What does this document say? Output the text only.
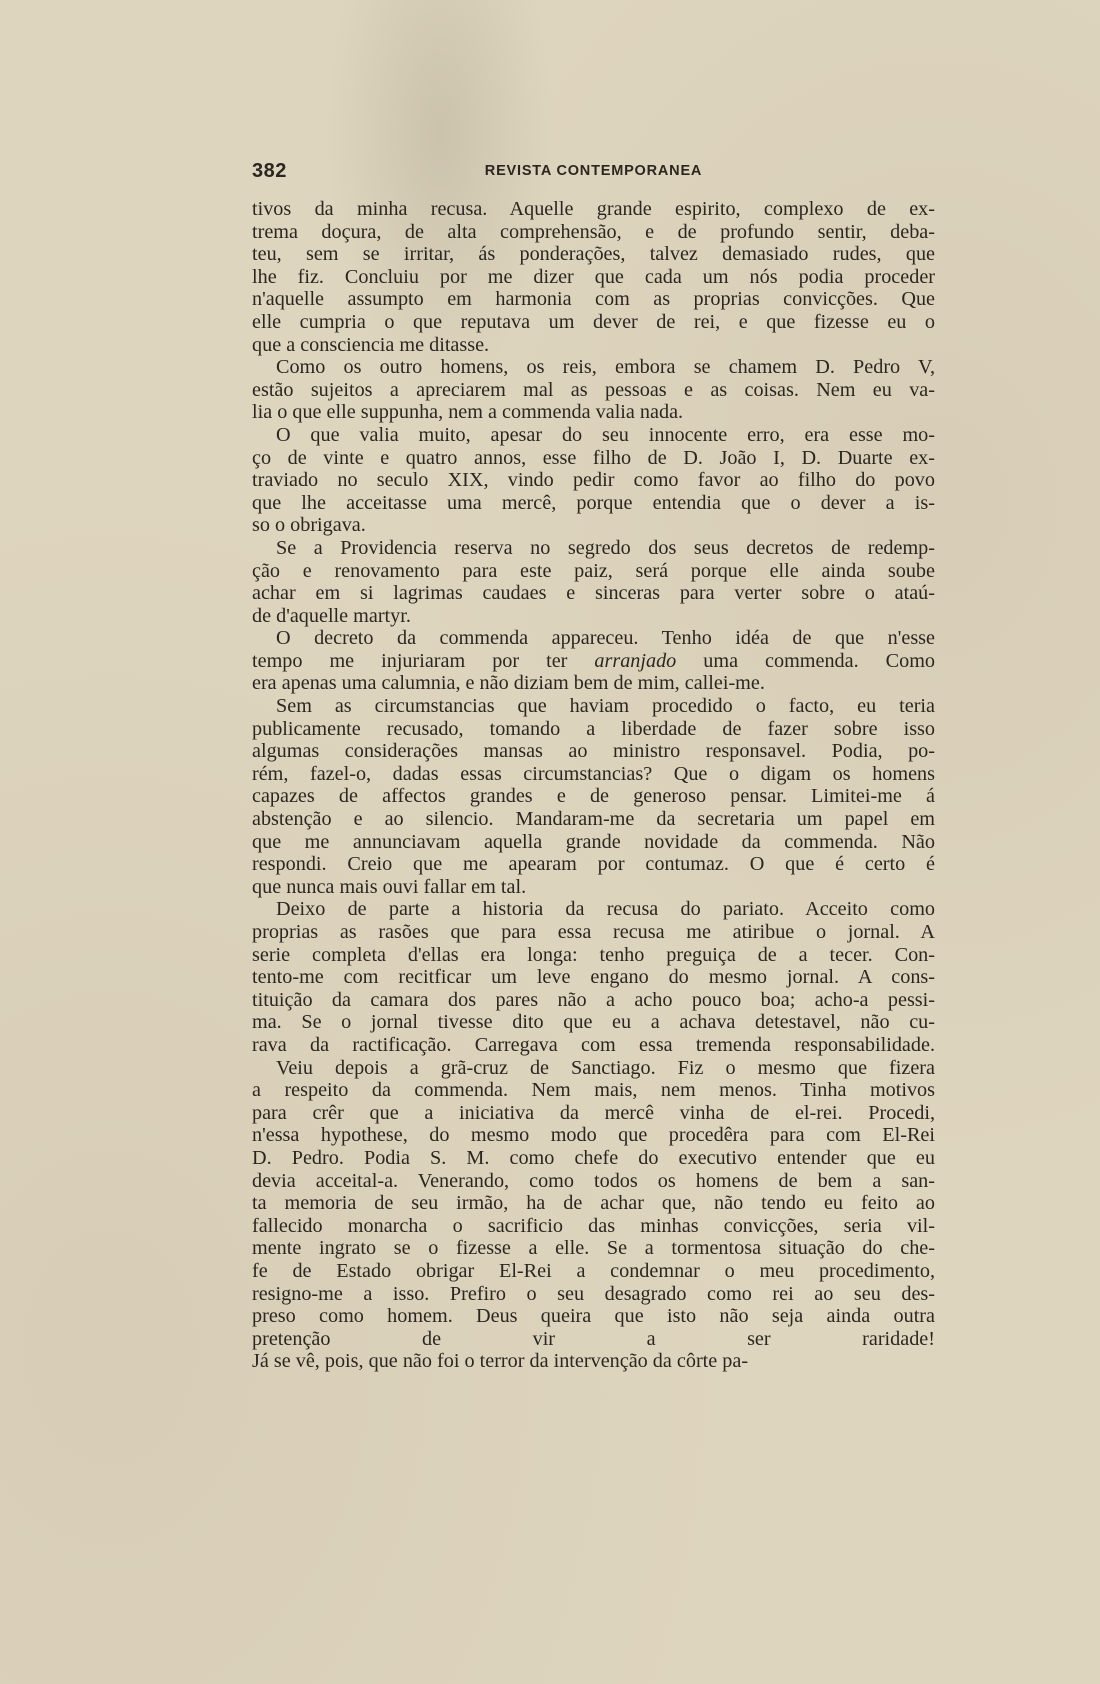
382	REVISTA CONTEMPORANEA
tivos da minha recusa. Aquelle grande espirito, complexo de ex-
trema doçura, de alta comprehensão, e de profundo sentir, deba-
teu, sem se irritar, ás ponderações, talvez demasiado rudes, que
lhe fiz. Concluiu por me dizer que cada um nós podia proceder
n'aquelle assumpto em harmonia com as proprias convicções. Que
elle cumpria o que reputava um dever de rei, e que fizesse eu o
que a consciencia me ditasse.
Como os outro homens, os reis, embora se chamem D. Pedro V,
estão sujeitos a apreciarem mal as pessoas e as coisas. Nem eu va-
lia o que elle suppunha, nem a commenda valia nada.
O que valia muito, apesar do seu innocente erro, era esse mo-
ço de vinte e quatro annos, esse filho de D. João I, D. Duarte ex-
traviado no seculo XIX, vindo pedir como favor ao filho do povo
que lhe acceitasse uma mercê, porque entendia que o dever a is-
so o obrigava.
Se a Providencia reserva no segredo dos seus decretos de redemp-
ção e renovamento para este paiz, será porque elle ainda soube
achar em si lagrimas caudaes e sinceras para verter sobre o ataú-
de d'aquelle martyr.
O decreto da commenda appareceu. Tenho idéa de que n'esse
tempo me injuriaram por ter arranjado uma commenda. Como
era apenas uma calumnia, e não diziam bem de mim, callei-me.
Sem as circumstancias que haviam procedido o facto, eu teria
publicamente recusado, tomando a liberdade de fazer sobre isso
algumas considerações mansas ao ministro responsavel. Podia, po-
rém, fazel-o, dadas essas circumstancias? Que o digam os homens
capazes de affectos grandes e de generoso pensar. Limitei-me á
abstenção e ao silencio. Mandaram-me da secretaria um papel em
que me annunciavam aquella grande novidade da commenda. Não
respondi. Creio que me apearam por contumaz. O que é certo é
que nunca mais ouvi fallar em tal.
Deixo de parte a historia da recusa do pariato. Acceito como
proprias as rasões que para essa recusa me atiribue o jornal. A
serie completa d'ellas era longa: tenho preguiça de a tecer. Con-
tento-me com recitficar um leve engano do mesmo jornal. A cons-
tituição da camara dos pares não a acho pouco boa; acho-a pessi-
ma. Se o jornal tivesse dito que eu a achava detestavel, não cu-
rava da ractificação. Carregava com essa tremenda responsabilidade.
Veiu depois a grã-cruz de Sanctiago. Fiz o mesmo que fizera
a respeito da commenda. Nem mais, nem menos. Tinha motivos
para crêr que a iniciativa da mercê vinha de el-rei. Procedi,
n'essa hypothese, do mesmo modo que procedêra para com El-Rei
D. Pedro. Podia S. M. como chefe do executivo entender que eu
devia acceital-a. Venerando, como todos os homens de bem a san-
ta memoria de seu irmão, ha de achar que, não tendo eu feito ao
fallecido monarcha o sacrificio das minhas convicções, seria vil-
mente ingrato se o fizesse a elle. Se a tormentosa situação do che-
fe de Estado obrigar El-Rei a condemnar o meu procedimento,
resigno-me a isso. Prefiro o seu desagrado como rei ao seu des-
preso como homem. Deus queira que isto não seja ainda outra
pretenção de vir a ser raridade!
Já se vê, pois, que não foi o terror da intervenção da côrte pa-
